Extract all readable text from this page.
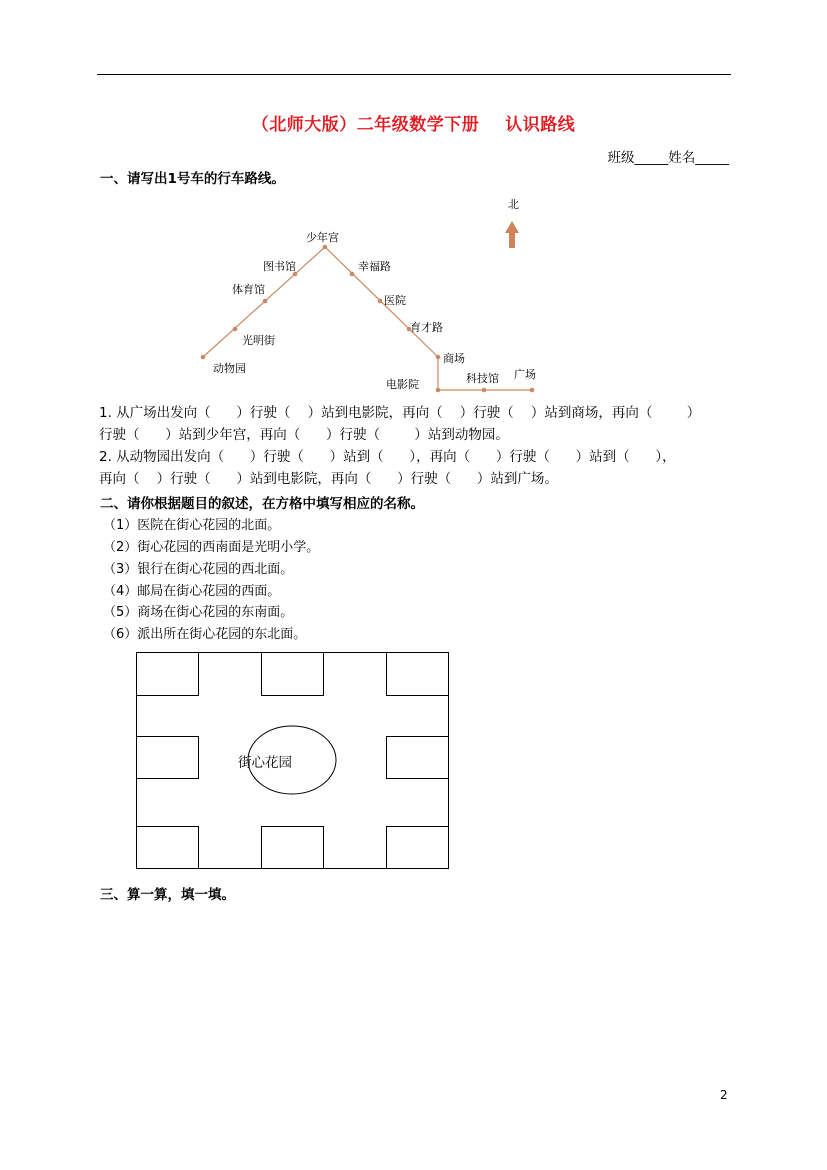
（北师大版）二年级数学下册 认识路线
班级_____姓名_____
一、请写出1号车的行车路线。
北
少年宫
图书馆	幸福路
体育馆
医院
育才路
光明街
动物园
商场
电影院	科技馆 广场
1. 从广场出发向（      ）行驶（    ）站到电影院，再向（    ）行驶（    ）站到商场，再向（        ）
行驶（      ）站到少年宫，再向（      ）行驶（        ）站到动物园。
2. 从动物园出发向（      ）行驶（      ）站到（      ），再向（      ）行驶（      ）站到（      ），
再向（    ）行驶（      ）站到电影院，再向（      ）行驶（      ）站到广场。
二、请你根据题目的叙述，在方格中填写相应的名称。
（1）医院在街心花园的北面。
（2）街心花园的西南面是光明小学。
（3）银行在街心花园的西北面。
（4）邮局在街心花园的西面。
（5）商场在街心花园的东南面。
（6）派出所在街心花园的东北面。
街心花园
三、算一算，填一填。
2
